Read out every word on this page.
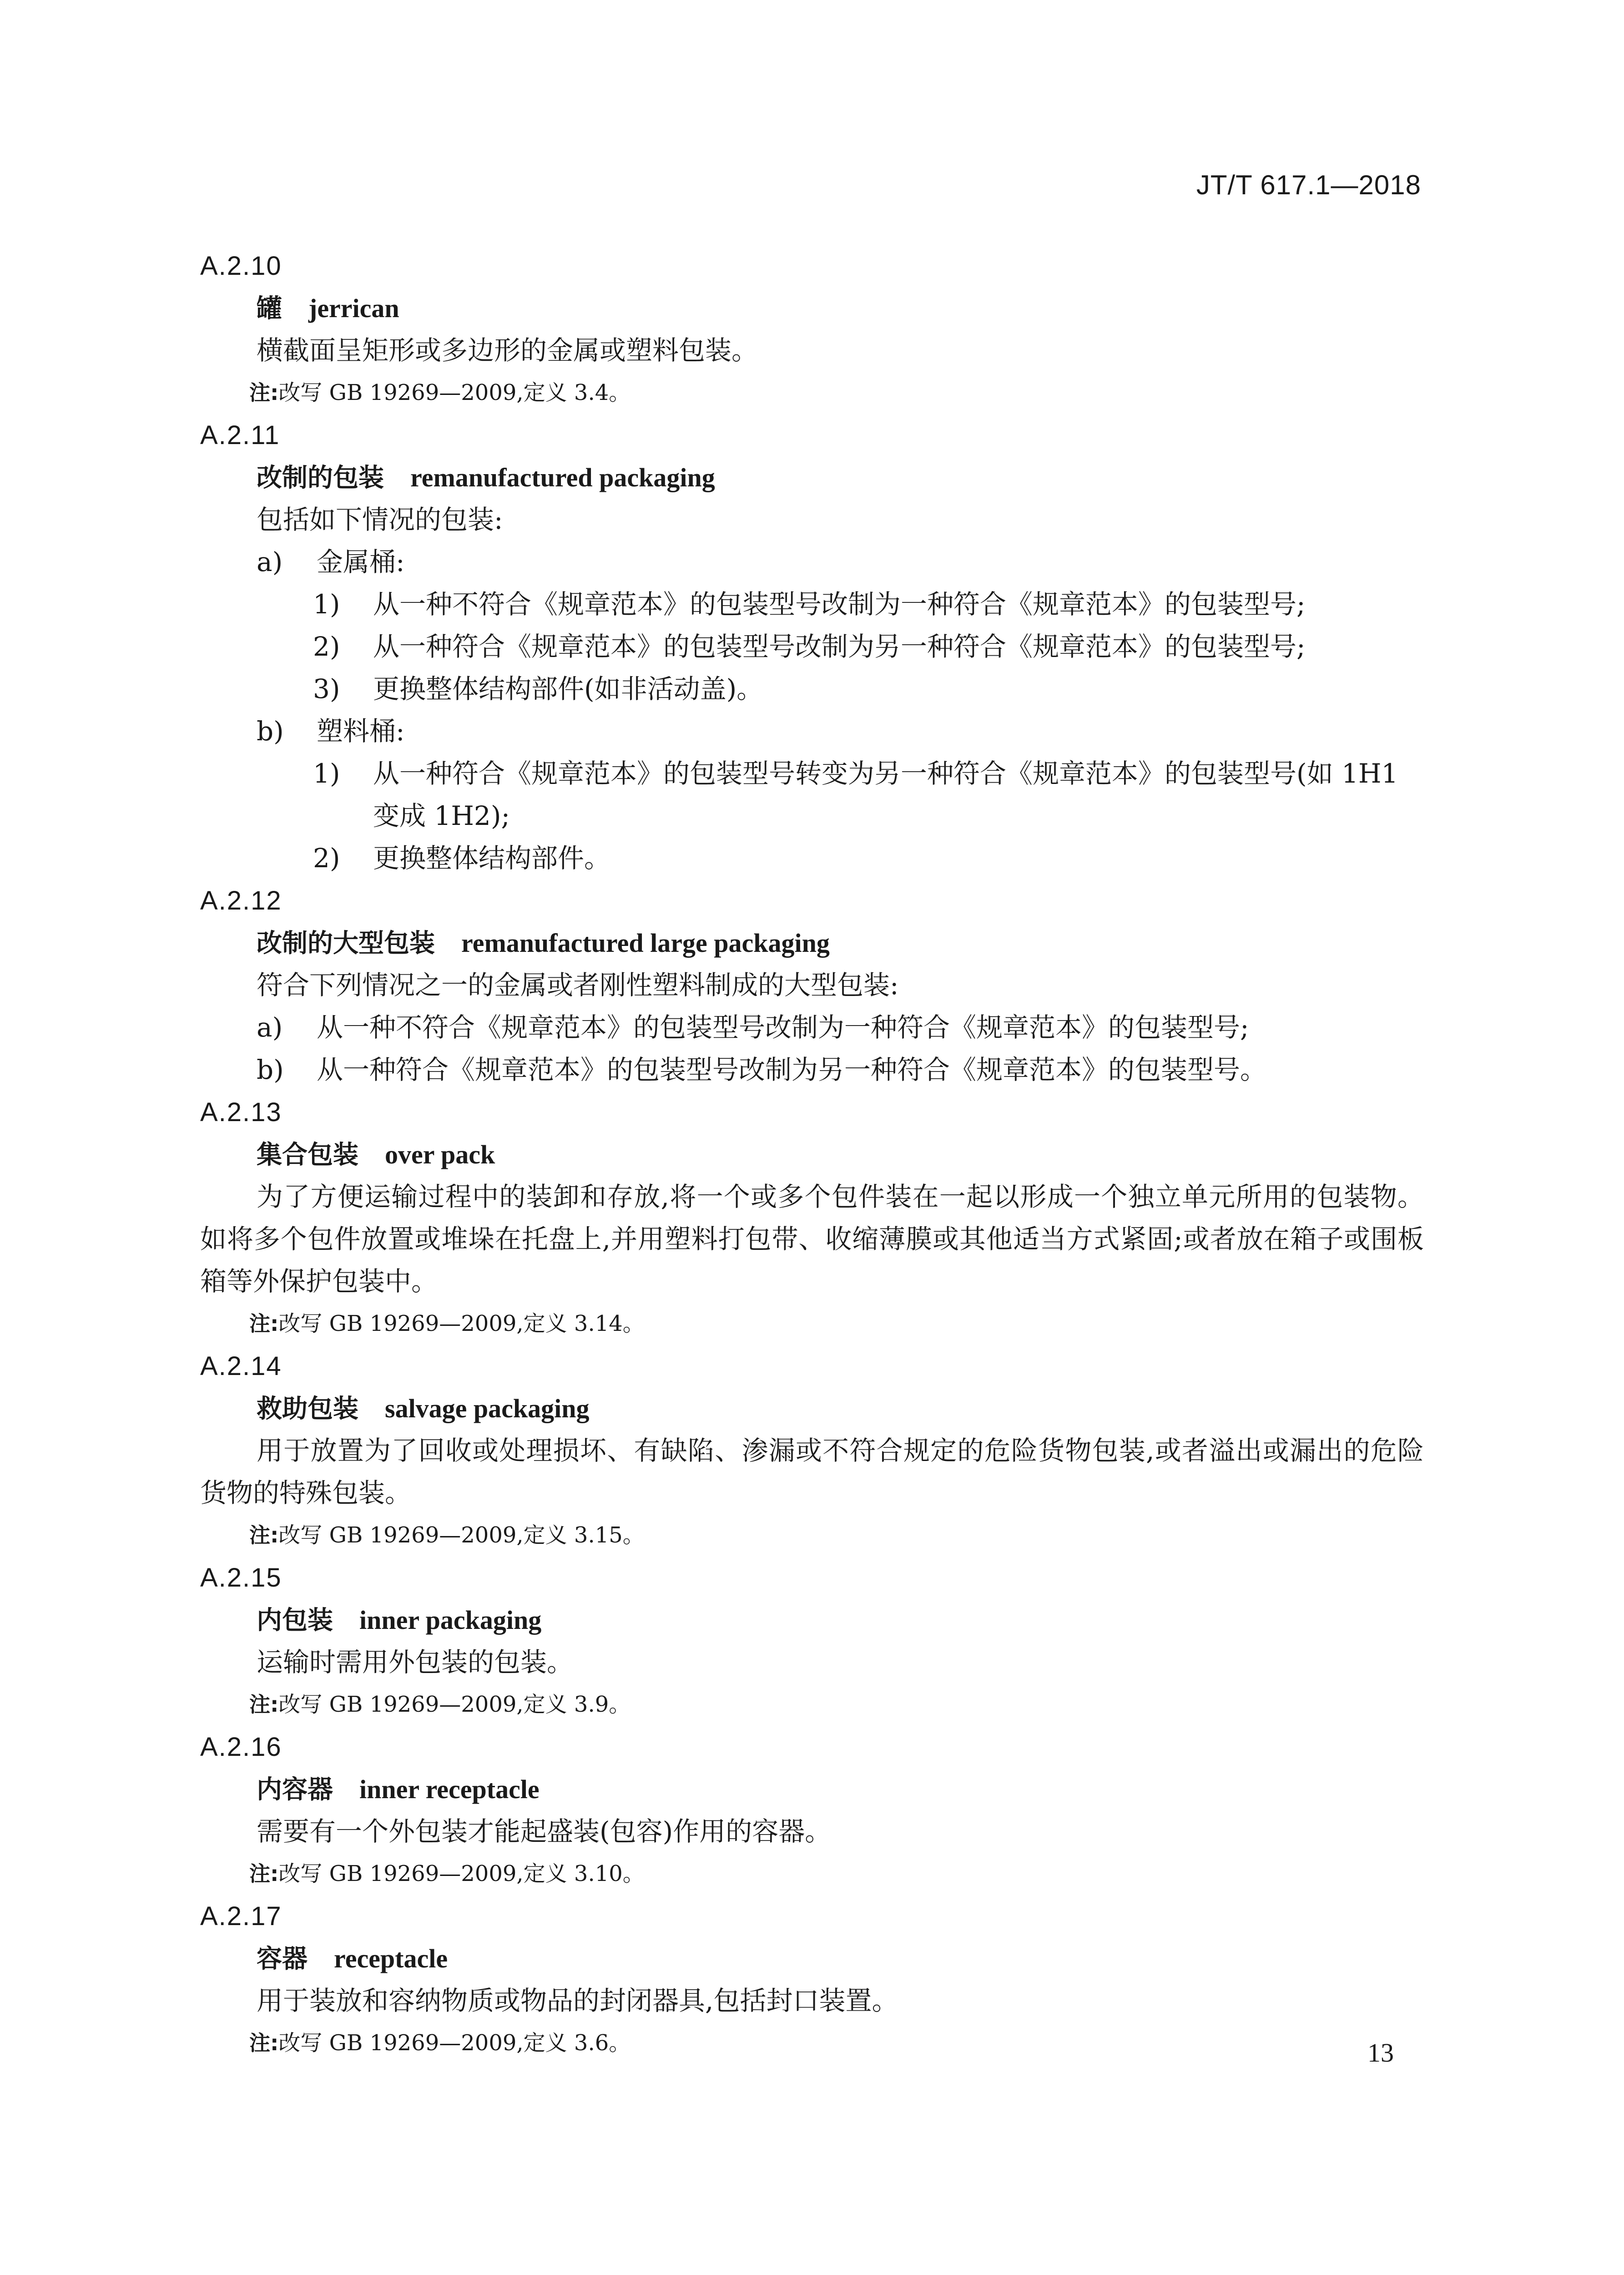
JT/T 617.1—2018
A.2.10
罐 jerrican
横截面呈矩形或多边形的金属或塑料包装。
注:改写 GB 19269—2009,定义 3.4。
A.2.11
改制的包装 remanufactured packaging
包括如下情况的包装:
a) 金属桶:
1) 从一种不符合《规章范本》的包装型号改制为一种符合《规章范本》的包装型号;
2) 从一种符合《规章范本》的包装型号改制为另一种符合《规章范本》的包装型号;
3) 更换整体结构部件(如非活动盖)。
b) 塑料桶:
1) 从一种符合《规章范本》的包装型号转变为另一种符合《规章范本》的包装型号(如 1H1 变成 1H2);
2) 更换整体结构部件。
A.2.12
改制的大型包装 remanufactured large packaging
符合下列情况之一的金属或者刚性塑料制成的大型包装:
a) 从一种不符合《规章范本》的包装型号改制为一种符合《规章范本》的包装型号;
b) 从一种符合《规章范本》的包装型号改制为另一种符合《规章范本》的包装型号。
A.2.13
集合包装 over pack
为了方便运输过程中的装卸和存放,将一个或多个包件装在一起以形成一个独立单元所用的包装物。如将多个包件放置或堆垛在托盘上,并用塑料打包带、收缩薄膜或其他适当方式紧固;或者放在箱子或围板箱等外保护包装中。
注:改写 GB 19269—2009,定义 3.14。
A.2.14
救助包装 salvage packaging
用于放置为了回收或处理损坏、有缺陷、渗漏或不符合规定的危险货物包装,或者溢出或漏出的危险货物的特殊包装。
注:改写 GB 19269—2009,定义 3.15。
A.2.15
内包装 inner packaging
运输时需用外包装的包装。
注:改写 GB 19269—2009,定义 3.9。
A.2.16
内容器 inner receptacle
需要有一个外包装才能起盛装(包容)作用的容器。
注:改写 GB 19269—2009,定义 3.10。
A.2.17
容器 receptacle
用于装放和容纳物质或物品的封闭器具,包括封口装置。
注:改写 GB 19269—2009,定义 3.6。	13
